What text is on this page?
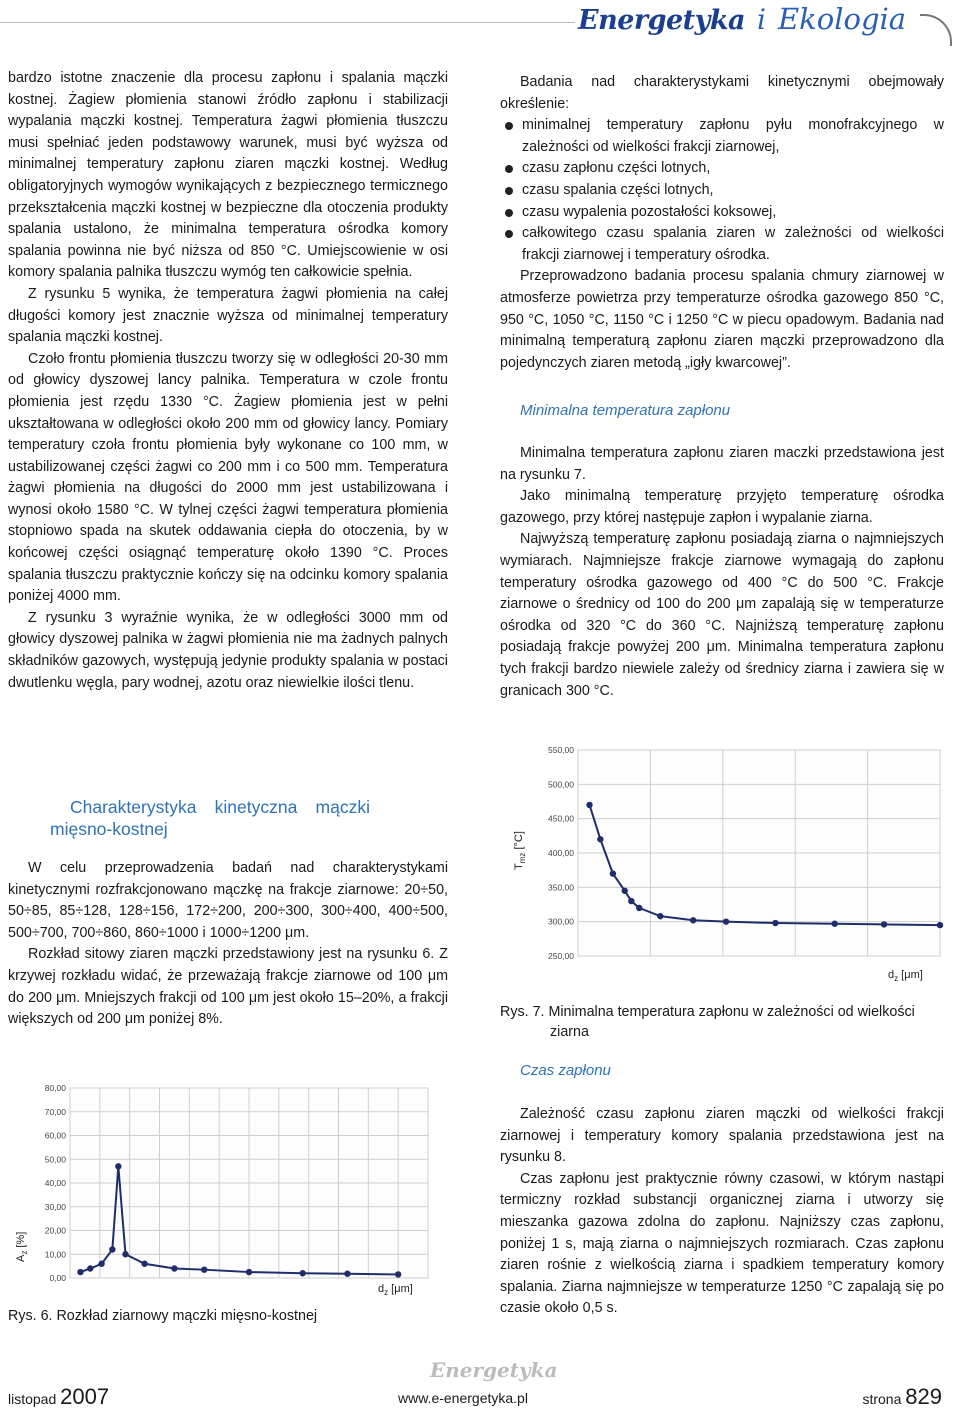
Energetyka i Ekologia

bardzo istotne znaczenie dla procesu zapłonu i spalania mączki kostnej. Żagiew płomienia stanowi źródło zapłonu i stabilizacji wypalania mączki kostnej. Temperatura żagwi płomienia tłuszczu musi spełniać jeden podstawowy warunek, musi być wyższa od minimalnej temperatury zapłonu ziaren mączki kostnej. Według obligatoryjnych wymogów wynikających z bezpiecznego termicznego przekształcenia mączki kostnej w bezpieczne dla otoczenia produkty spalania ustalono, że minimalna temperatura ośrodka komory spalania powinna nie być niższa od 850 °C. Umiejscowienie w osi komory spalania palnika tłuszczu wymóg ten całkowicie spełnia.

Z rysunku 5 wynika, że temperatura żagwi płomienia na całej długości komory jest znacznie wyższa od minimalnej temperatury spalania mączki kostnej.

Czoło frontu płomienia tłuszczu tworzy się w odległości 20-30 mm od głowicy dyszowej lancy palnika. Temperatura w czole frontu płomienia jest rzędu 1330 °C. Żagiew płomienia jest w pełni ukształtowana w odległości około 200 mm od głowicy lancy. Pomiary temperatury czoła frontu płomienia były wykonane co 100 mm, w ustabilizowanej części żagwi co 200 mm i co 500 mm. Temperatura żagwi płomienia na długości do 2000 mm jest ustabilizowana i wynosi około 1580 °C. W tylnej części żagwi temperatura płomienia stopniowo spada na skutek oddawania ciepła do otoczenia, by w końcowej części osiągnąć temperaturę około 1390 °C. Proces spalania tłuszczu praktycznie kończy się na odcinku komory spalania poniżej 4000 mm.

Z rysunku 3 wyraźnie wynika, że w odległości 3000 mm od głowicy dyszowej palnika w żagwi płomienia nie ma żadnych palnych składników gazowych, występują jedynie produkty spalania w postaci dwutlenku węgla, pary wodnej, azotu oraz niewielkie ilości tlenu.

Charakterystyka kinetyczna mączki mięsno-kostnej

W celu przeprowadzenia badań nad charakterystykami kinetycznymi rozfrakcjonowano mączkę na frakcje ziarnowe: 20÷50, 50÷85, 85÷128, 128÷156, 172÷200, 200÷300, 300÷400, 400÷500, 500÷700, 700÷860, 860÷1000 i 1000÷1200 μm.

Rozkład sitowy ziaren mączki przedstawiony jest na rysunku 6. Z krzywej rozkładu widać, że przeważają frakcje ziarnowe od 100 μm do 200 μm. Mniejszych frakcji od 100 μm jest około 15–20%, a frakcji większych od 200 μm poniżej 8%.

0,00
10,00
20,00
30,00
40,00
50,00
60,00
70,00
80,00
$A_z$ [%]
$d_z$ [μm]
Rys. 6. Rozkład ziarnowy mączki mięsno-kostnej

Badania nad charakterystykami kinetycznymi obejmowały określenie:

minimalnej temperatury zapłonu pyłu monofrakcyjnego w zależności od wielkości frakcji ziarnowej,
czasu zapłonu części lotnych,
czasu spalania części lotnych,
czasu wypalenia pozostałości koksowej,
całkowitego czasu spalania ziaren w zależności od wielkości frakcji ziarnowej i temperatury ośrodka.

Przeprowadzono badania procesu spalania chmury ziarnowej w atmosferze powietrza przy temperaturze ośrodka gazowego 850 °C, 950 °C, 1050 °C, 1150 °C i 1250 °C w piecu opadowym. Badania nad minimalną temperaturą zapłonu ziaren mączki przeprowadzono dla pojedynczych ziaren metodą „igły kwarcowej”.

Minimalna temperatura zapłonu

Minimalna temperatura zapłonu ziaren maczki przedstawiona jest na rysunku 7.

Jako minimalną temperaturę przyjęto temperaturę ośrodka gazowego, przy której następuje zapłon i wypalanie ziarna.

Najwyższą temperaturę zapłonu posiadają ziarna o najmniejszych wymiarach. Najmniejsze frakcje ziarnowe wymagają do zapłonu temperatury ośrodka gazowego od 400 °C do 500 °C. Frakcje ziarnowe o średnicy od 100 do 200 μm zapalają się w temperaturze ośrodka od 320 °C do 360 °C. Najniższą temperaturę zapłonu posiadają frakcje powyżej 200 μm. Minimalna temperatura zapłonu tych frakcji bardzo niewiele zależy od średnicy ziarna i zawiera się w granicach 300 °C.

250,00
300,00
350,00
400,00
450,00
500,00
550,00
$T_{mz}$ [°C]
$d_z$ [μm]
Rys. 7. Minimalna temperatura zapłonu w zależności od wielkości ziarna

Czas zapłonu

Zależność czasu zapłonu ziaren mączki od wielkości frakcji ziarnowej i temperatury komory spalania przedstawiona jest na rysunku 8.

Czas zapłonu jest praktycznie równy czasowi, w którym nastąpi termiczny rozkład substancji organicznej ziarna i utworzy się mieszanka gazowa zdolna do zapłonu. Najniższy czas zapłonu, poniżej 1 s, mają ziarna o najmniejszych rozmiarach. Czas zapłonu ziaren rośnie z wielkością ziarna i spadkiem temperatury komory spalania. Ziarna najmniejsze w temperaturze 1250 °C zapalają się po czasie około 0,5 s.

Energetyka
listopad 2007	www.e-energetyka.pl	strona 829
